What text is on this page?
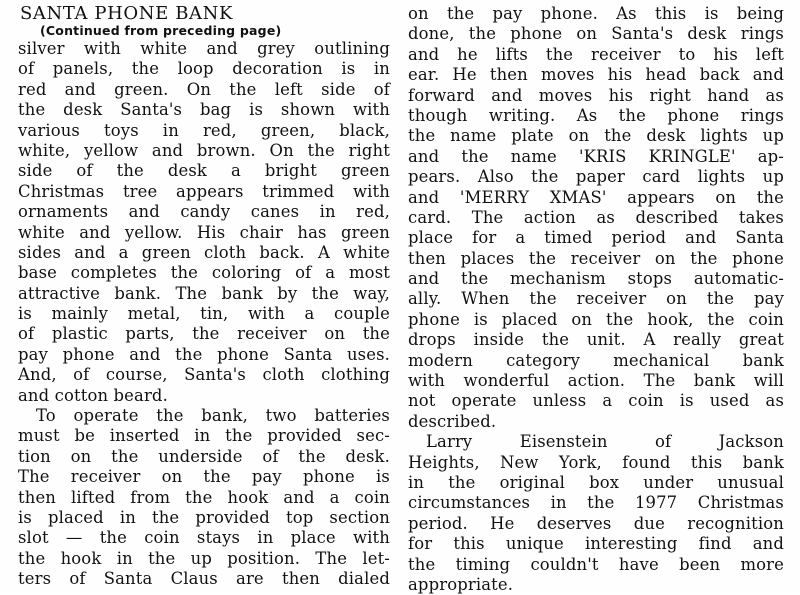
SANTA PHONE BANK
(Continued from preceding page)
silver with white and grey outlining
of panels, the loop decoration is in
red and green. On the left side of
the desk Santa's bag is shown with
various toys in red, green, black,
white, yellow and brown. On the right
side of the desk a bright green
Christmas tree appears trimmed with
ornaments and candy canes in red,
white and yellow. His chair has green
sides and a green cloth back. A white
base completes the coloring of a most
attractive bank. The bank by the way,
is mainly metal, tin, with a couple
of plastic parts, the receiver on the
pay phone and the phone Santa uses.
And, of course, Santa's cloth clothing
and cotton beard.
To operate the bank, two batteries
must be inserted in the provided sec-
tion on the underside of the desk.
The receiver on the pay phone is
then lifted from the hook and a coin
is placed in the provided top section
slot — the coin stays in place with
the hook in the up position. The let-
ters of Santa Claus are then dialed
on the pay phone. As this is being
done, the phone on Santa's desk rings
and he lifts the receiver to his left
ear. He then moves his head back and
forward and moves his right hand as
though writing. As the phone rings
the name plate on the desk lights up
and the name 'KRIS KRINGLE' ap-
pears. Also the paper card lights up
and 'MERRY XMAS' appears on the
card. The action as described takes
place for a timed period and Santa
then places the receiver on the phone
and the mechanism stops automatic-
ally. When the receiver on the pay
phone is placed on the hook, the coin
drops inside the unit. A really great
modern category mechanical bank
with wonderful action. The bank will
not operate unless a coin is used as
described.
Larry Eisenstein of Jackson
Heights, New York, found this bank
in the original box under unusual
circumstances in the 1977 Christmas
period. He deserves due recognition
for this unique interesting find and
the timing couldn't have been more
appropriate.
